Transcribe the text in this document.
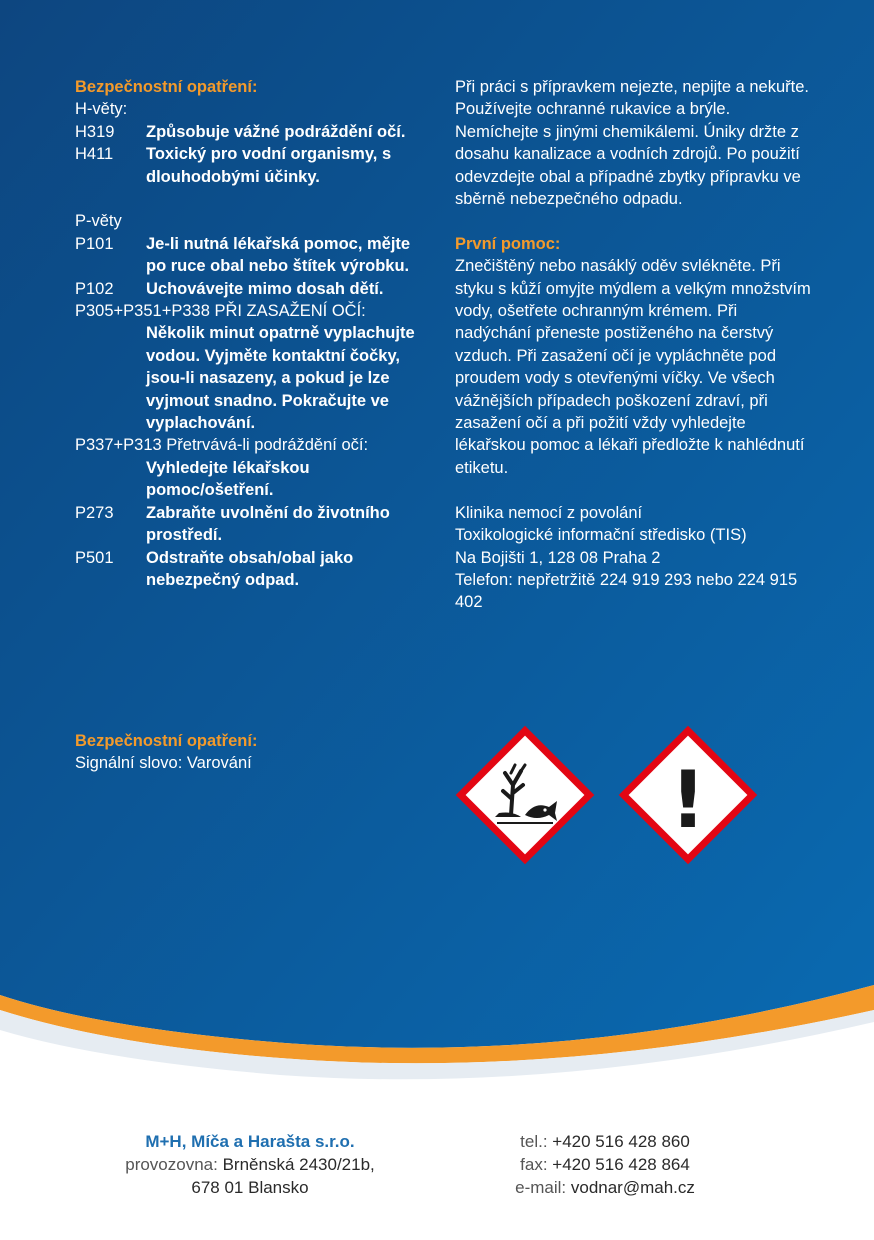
Bezpečnostní opatření:
H-věty:
H319	Způsobuje vážné podráždění očí.
H411	Toxický pro vodní organismy, s dlouhodobými účinky.
P-věty
P101	Je-li nutná lékařská pomoc, mějte po ruce obal nebo štítek výrobku.
P102	Uchovávejte mimo dosah dětí.
P305+P351+P338 PŘI ZASAŽENÍ OČÍ:
Několik minut opatrně vyplachujte vodou. Vyjměte kontaktní čočky, jsou-li nasazeny, a pokud je lze vyjmout snadno. Pokračujte ve vyplachování.
P337+P313 Přetrvává-li podráždění očí:
Vyhledejte lékařskou pomoc/ošetření.
P273	Zabraňte uvolnění do životního prostředí.
P501	Odstraňte obsah/obal jako nebezpečný odpad.
Při práci s přípravkem nejezte, nepijte a nekuřte. Používejte ochranné rukavice a brýle. Nemíchejte s jinými chemikálemi. Úniky držte z dosahu kanalizace a vodních zdrojů. Po použití odevzdejte obal a případné zbytky přípravku ve sběrně nebezpečného odpadu.
První pomoc:
Znečištěný nebo nasáklý oděv svlékněte. Při styku s kůží omyjte mýdlem a velkým množstvím vody, ošetřete ochranným krémem. Při nadýchání přeneste postiženého na čerstvý vzduch. Při zasažení očí je vypláchněte pod proudem vody s otevřenými víčky. Ve všech vážnějších případech poškození zdraví, při zasažení očí a při požití vždy vyhledejte lékařskou pomoc a lékaři předložte k nahlédnutí etiketu.
Klinika nemocí z povolání
Toxikologické informační středisko (TIS)
Na Bojišti 1, 128 08 Praha 2
Telefon: nepřetržitě 224 919 293 nebo 224 915 402
Bezpečnostní opatření:
Signální slovo: Varování	!
M+H, Míča a Harašta s.r.o.
provozovna: Brněnská 2430/21b,
678 01 Blansko
tel.: +420 516 428 860
fax: +420 516 428 864
e-mail: vodnar@mah.cz
